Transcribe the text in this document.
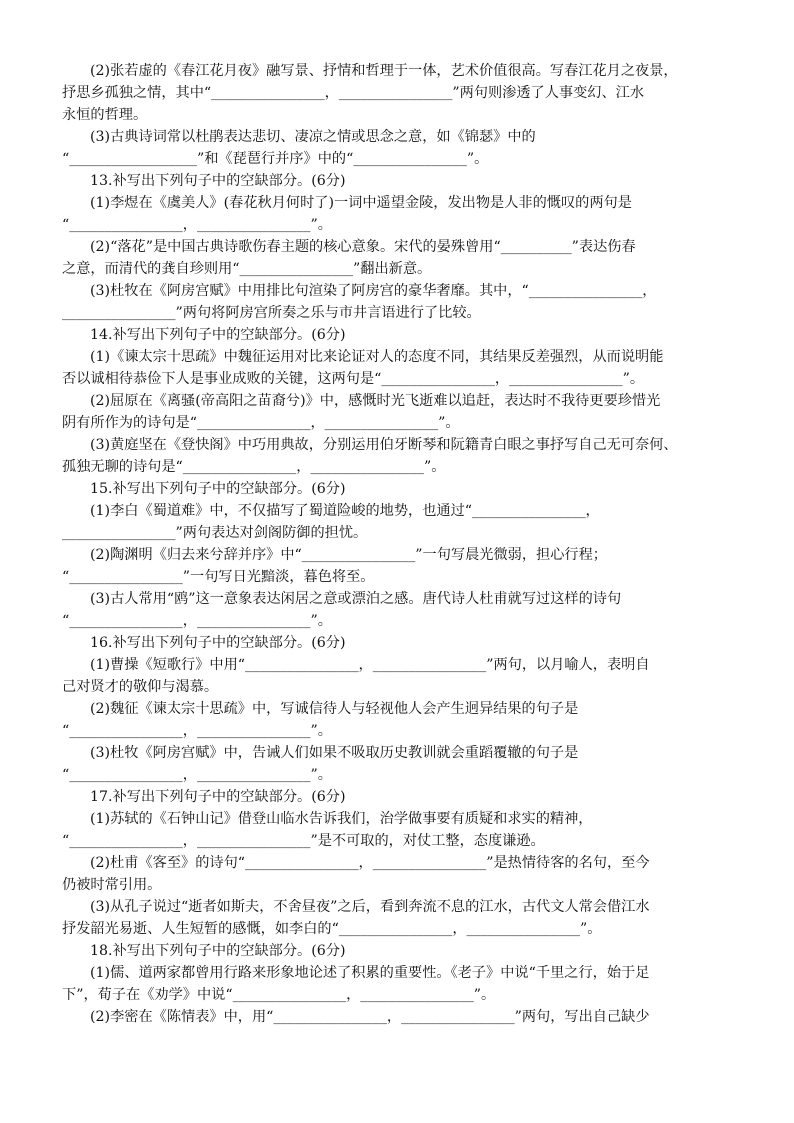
(2)张若虚的《春江花月夜》融写景、抒情和哲理于一体，艺术价值很高。写春江花月之夜景，
抒思乡孤独之情，其中“________________，________________”两句则渗透了人事变幻、江水
永恒的哲理。
(3)古典诗词常以杜鹃表达悲切、凄凉之情或思念之意，如《锦瑟》中的
“__________________”和《琵琶行并序》中的“________________”。
13.补写出下列句子中的空缺部分。(6分)
(1)李煜在《虞美人》(春花秋月何时了)一词中遥望金陵，发出物是人非的慨叹的两句是
“________________，________________”。
(2)“落花”是中国古典诗歌伤春主题的核心意象。宋代的晏殊曾用“__________”表达伤春
之意，而清代的龚自珍则用“________________”翻出新意。
(3)杜牧在《阿房宫赋》中用排比句渲染了阿房宫的豪华奢靡。其中，“________________，
________________”两句将阿房宫所奏之乐与市井言语进行了比较。
14.补写出下列句子中的空缺部分。(6分)
(1)《谏太宗十思疏》中魏征运用对比来论证对人的态度不同，其结果反差强烈，从而说明能
否以诚相待恭俭下人是事业成败的关键，这两句是“________________，________________”。
(2)屈原在《离骚(帝高阳之苗裔兮)》中，感慨时光飞逝难以追赶，表达时不我待更要珍惜光
阴有所作为的诗句是“________________，________________”。
(3)黄庭坚在《登快阁》中巧用典故，分别运用伯牙断琴和阮籍青白眼之事抒写自己无可奈何、
孤独无聊的诗句是“________________，________________”。
15.补写出下列句子中的空缺部分。(6分)
(1)李白《蜀道难》中，不仅描写了蜀道险峻的地势，也通过“________________，
________________”两句表达对剑阁防御的担忧。
(2)陶渊明《归去来兮辞并序》中“________________”一句写晨光微弱，担心行程；
“________________”一句写日光黯淡，暮色将至。
(3)古人常用“鸥”这一意象表达闲居之意或漂泊之感。唐代诗人杜甫就写过这样的诗句
“________________，________________”。
16.补写出下列句子中的空缺部分。(6分)
(1)曹操《短歌行》中用“________________，________________”两句，以月喻人，表明自
己对贤才的敬仰与渴慕。
(2)魏征《谏太宗十思疏》中，写诚信待人与轻视他人会产生迥异结果的句子是
“________________，________________”。
(3)杜牧《阿房宫赋》中，告诫人们如果不吸取历史教训就会重蹈覆辙的句子是
“________________，________________”。
17.补写出下列句子中的空缺部分。(6分)
(1)苏轼的《石钟山记》借登山临水告诉我们，治学做事要有质疑和求实的精神，
“________________，________________”是不可取的，对仗工整，态度谦逊。
(2)杜甫《客至》的诗句“________________，________________”是热情待客的名句，至今
仍被时常引用。
(3)从孔子说过“逝者如斯夫，不舍昼夜”之后，看到奔流不息的江水，古代文人常会借江水
抒发韶光易逝、人生短暂的感慨，如李白的“________________，________________”。
18.补写出下列句子中的空缺部分。(6分)
(1)儒、道两家都曾用行路来形象地论述了积累的重要性。《老子》中说“千里之行，始于足
下”，荀子在《劝学》中说“________________，________________”。
(2)李密在《陈情表》中，用“________________，________________”两句，写出自己缺少
